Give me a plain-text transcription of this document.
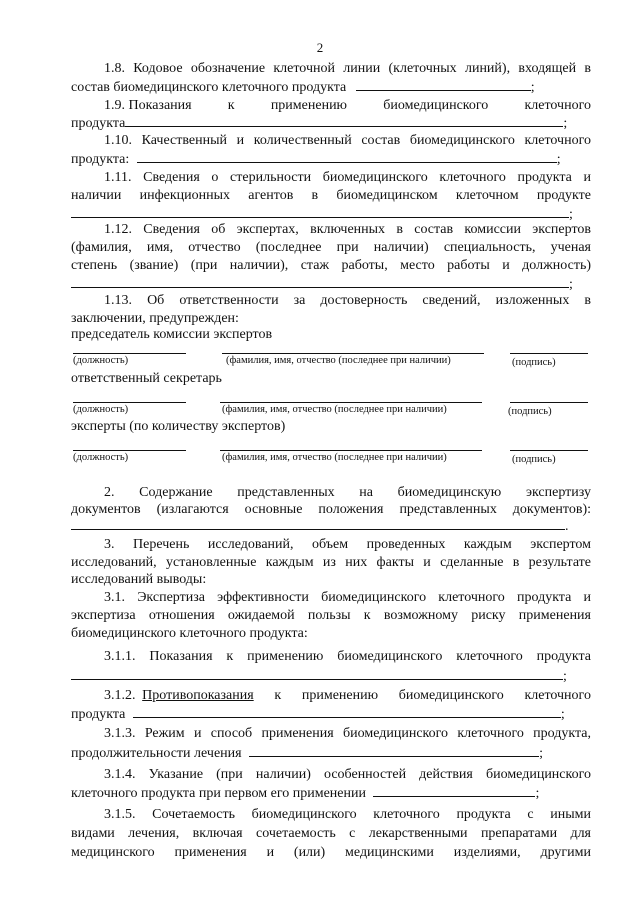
2
1.8. Кодовое обозначение клеточной линии (клеточных линий), входящей в
состав биомедицинского клеточного продукта	;
1.9. Показания	к	применению	биомедицинского	клеточного
продукта	;
1.10. Качественный и количественный состав биомедицинского клеточного
продукта:	;
1.11. Сведения о стерильности биомедицинского клеточного продукта и
наличии инфекционных агентов в биомедицинском клеточном продукте
;
1.12. Сведения об экспертах, включенных в состав комиссии экспертов
(фамилия, имя, отчество (последнее при наличии) специальность, ученая
степень (звание) (при наличии), стаж работы, место работы и должность)
;
1.13. Об ответственности за достоверность сведений, изложенных в
заключении, предупрежден:
председатель комиссии экспертов
(должность)	(фамилия, имя, отчество (последнее при наличии)	(подпись)
ответственный секретарь
(должность)	(фамилия, имя, отчество (последнее при наличии)	(подпись)
эксперты (по количеству экспертов)
(должность)	(фамилия, имя, отчество (последнее при наличии)	(подпись)
2. Содержание представленных на биомедицинскую экспертизу
документов (излагаются основные положения представленных документов):
.
3. Перечень исследований, объем проведенных каждым экспертом
исследований, установленные каждым из них факты и сделанные в результате
исследований выводы:
3.1. Экспертиза эффективности биомедицинского клеточного продукта и
экспертиза отношения ожидаемой пользы к возможному риску применения
биомедицинского клеточного продукта:
3.1.1. Показания к применению биомедицинского клеточного продукта
;
3.1.2. Противопоказания к применению биомедицинского клеточного
продукта	;
3.1.3. Режим и способ применения биомедицинского клеточного продукта,
продолжительности лечения	;
3.1.4. Указание (при наличии) особенностей действия биомедицинского
клеточного продукта при первом его применении	;
3.1.5. Сочетаемость биомедицинского клеточного продукта с иными
видами лечения, включая сочетаемость с лекарственными препаратами для
медицинского применения и (или) медицинскими изделиями, другими
